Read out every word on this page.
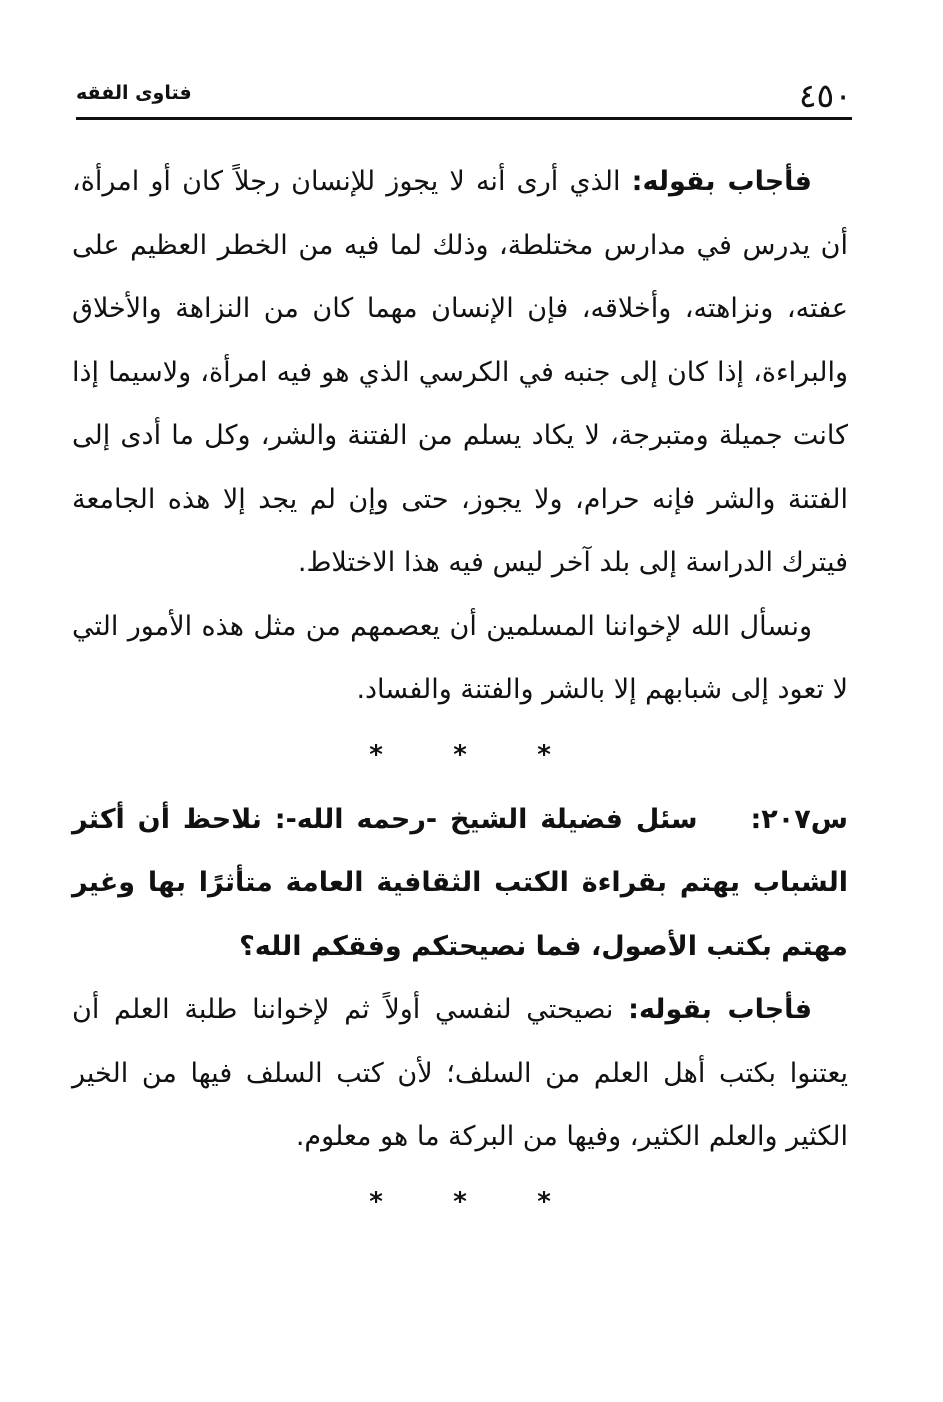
٤٥٠
فتاوى الفقه

فأجاب بقوله: الذي أرى أنه لا يجوز للإنسان رجلاً كان أو امرأة، أن يدرس في مدارس مختلطة، وذلك لما فيه من الخطر العظيم على عفته، ونزاهته، وأخلاقه، فإن الإنسان مهما كان من النزاهة والأخلاق والبراءة، إذا كان إلى جنبه في الكرسي الذي هو فيه امرأة، ولاسيما إذا كانت جميلة ومتبرجة، لا يكاد يسلم من الفتنة والشر، وكل ما أدى إلى الفتنة والشر فإنه حرام، ولا يجوز، حتى وإن لم يجد إلا هذه الجامعة فيترك الدراسة إلى بلد آخر ليس فيه هذا الاختلاط.

ونسأل الله لإخواننا المسلمين أن يعصمهم من مثل هذه الأمور التي لا تعود إلى شبابهم إلا بالشر والفتنة والفساد.

*
*
*

س٢٠٧: سئل فضيلة الشيخ -رحمه الله-: نلاحظ أن أكثر الشباب يهتم بقراءة الكتب الثقافية العامة متأثرًا بها وغير مهتم بكتب الأصول، فما نصيحتكم وفقكم الله؟

فأجاب بقوله: نصيحتي لنفسي أولاً ثم لإخواننا طلبة العلم أن يعتنوا بكتب أهل العلم من السلف؛ لأن كتب السلف فيها من الخير الكثير والعلم الكثير، وفيها من البركة ما هو معلوم.

*
*
*
